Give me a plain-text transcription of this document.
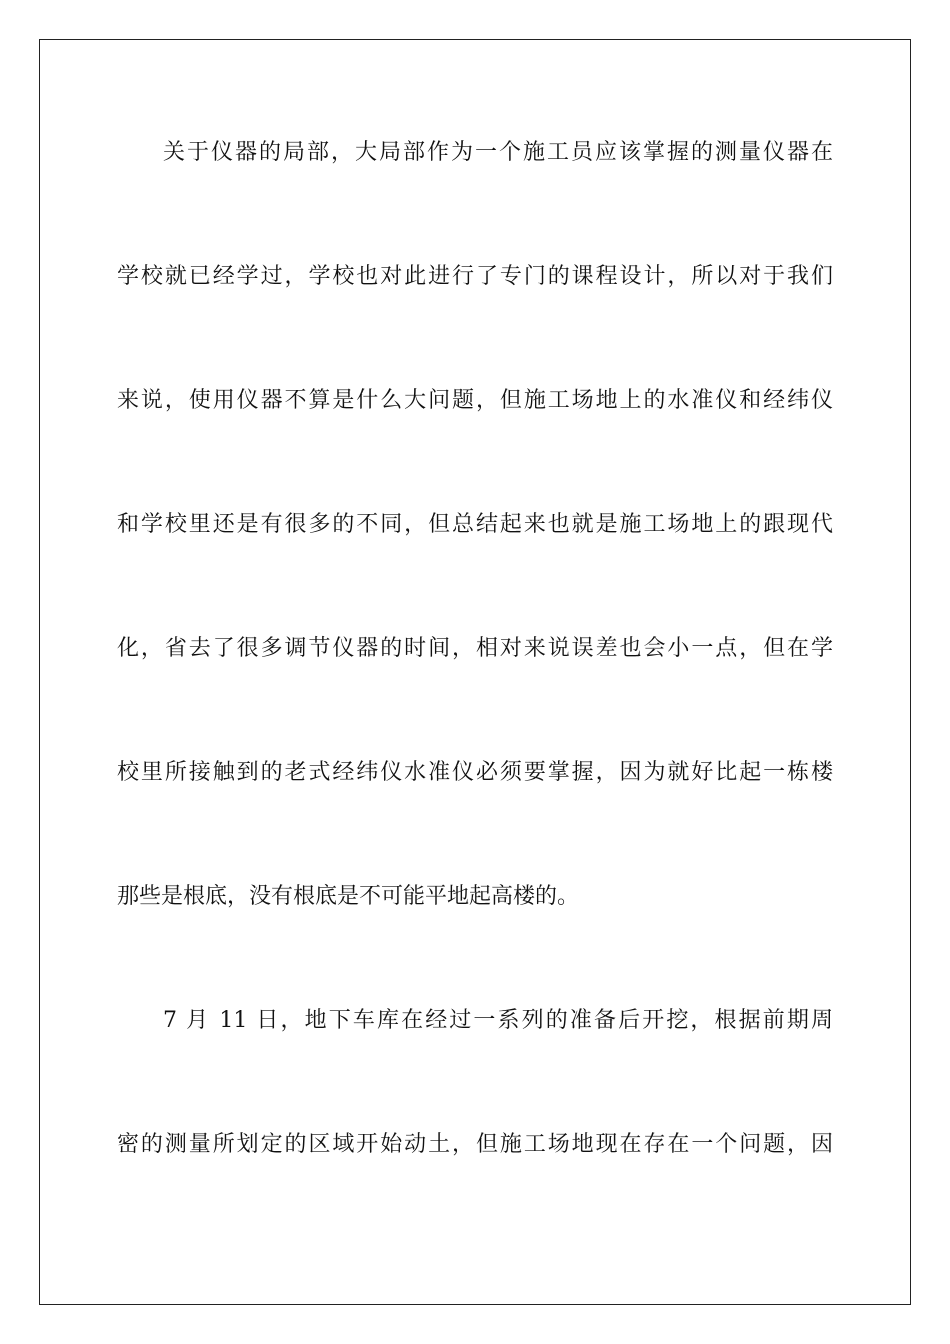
关于仪器的局部，大局部作为一个施工员应该掌握的测量仪器在
学校就已经学过，学校也对此进行了专门的课程设计，所以对于我们
来说，使用仪器不算是什么大问题，但施工场地上的水准仪和经纬仪
和学校里还是有很多的不同，但总结起来也就是施工场地上的跟现代
化，省去了很多调节仪器的时间，相对来说误差也会小一点，但在学
校里所接触到的老式经纬仪水准仪必须要掌握，因为就好比起一栋楼
那些是根底，没有根底是不可能平地起高楼的。
7 月 11 日，地下车库在经过一系列的准备后开挖，根据前期周
密的测量所划定的区域开始动土，但施工场地现在存在一个问题，因
